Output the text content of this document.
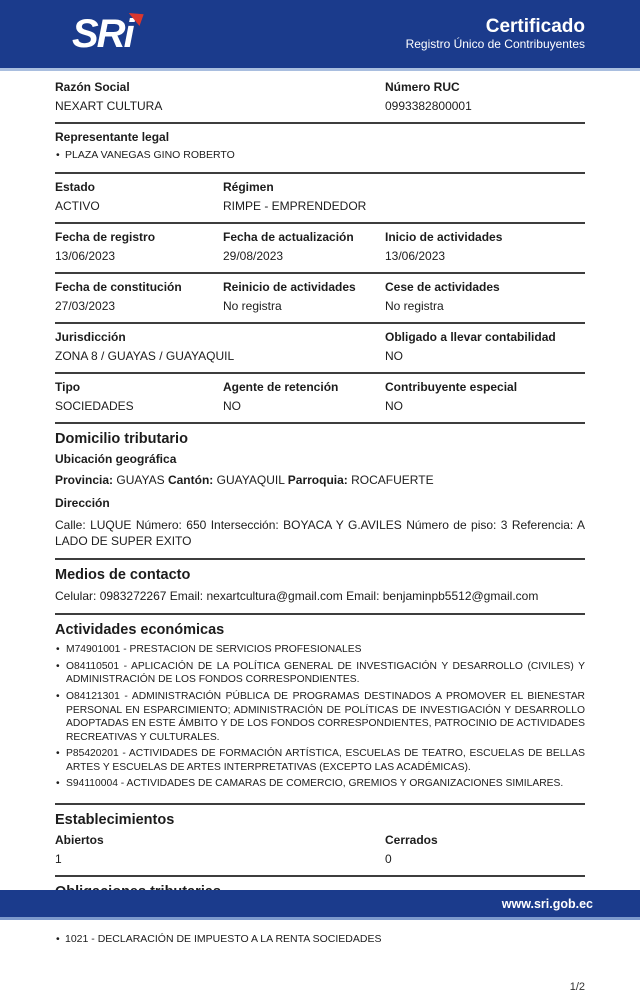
SRi	Certificado
Registro Único de Contribuyentes
Razón Social
NEXART CULTURA
Número RUC
0993382800001
Representante legal
• PLAZA VANEGAS GINO ROBERTO
Estado
ACTIVO
Régimen
RIMPE - EMPRENDEDOR
Fecha de registro
13/06/2023
Fecha de actualización
29/08/2023
Inicio de actividades
13/06/2023
Fecha de constitución
27/03/2023
Reinicio de actividades
No registra
Cese de actividades
No registra
Jurisdicción
ZONA 8 / GUAYAS / GUAYAQUIL
Obligado a llevar contabilidad
NO
Tipo
SOCIEDADES
Agente de retención
NO
Contribuyente especial
NO
Domicilio tributario
Ubicación geográfica
Provincia: GUAYAS Cantón: GUAYAQUIL Parroquia: ROCAFUERTE
Dirección
Calle: LUQUE Número: 650 Intersección: BOYACA Y G.AVILES Número de piso: 3 Referencia: A LADO DE SUPER EXITO
Medios de contacto
Celular: 0983272267 Email: nexartcultura@gmail.com Email: benjaminpb5512@gmail.com
Actividades económicas
• M74901001 - PRESTACION DE SERVICIOS PROFESIONALES
• O84110501 - APLICACIÓN DE LA POLÍTICA GENERAL DE INVESTIGACIÓN Y DESARROLLO (CIVILES) Y ADMINISTRACIÓN DE LOS FONDOS CORRESPONDIENTES.
• O84121301 - ADMINISTRACIÓN PÚBLICA DE PROGRAMAS DESTINADOS A PROMOVER EL BIENESTAR PERSONAL EN ESPARCIMIENTO; ADMINISTRACIÓN DE POLÍTICAS DE INVESTIGACIÓN Y DESARROLLO ADOPTADAS EN ESTE ÁMBITO Y DE LOS FONDOS CORRESPONDIENTES, PATROCINIO DE ACTIVIDADES RECREATIVAS Y CULTURALES.
• P85420201 - ACTIVIDADES DE FORMACIÓN ARTÍSTICA, ESCUELAS DE TEATRO, ESCUELAS DE BELLAS ARTES Y ESCUELAS DE ARTES INTERPRETATIVAS (EXCEPTO LAS ACADÉMICAS).
• S94110004 - ACTIVIDADES DE CAMARAS DE COMERCIO, GREMIOS Y ORGANIZACIONES SIMILARES.
Establecimientos
Abiertos
1
Cerrados
0
•
• 1021 - DECLARACIÓN DE IMPUESTO A LA RENTA SOCIEDADES
1/2
www.sri.gob.ec
